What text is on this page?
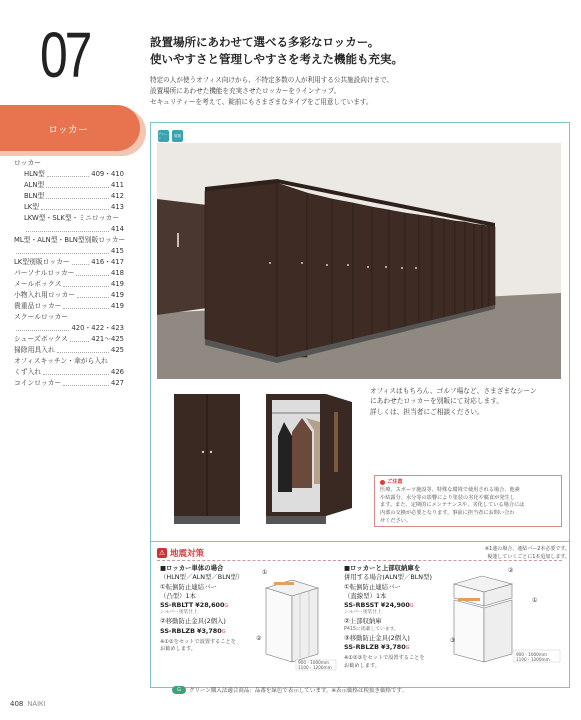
07	設置場所にあわせて選べる多彩なロッカー。
使いやすさと管理しやすさを考えた機能も充実。
特定の人が使うオフィス向けから、不特定多数の人が利用する公共施設向けまで、
設置場所にあわせた機能を充実させたロッカーをラインナップ。
セキュリティーを考えて、錠前にもさまざまなタイプをご用意しています。
ロッカー
ロッカー
HLN型	409・410
ALN型	411
BLN型	412
LK型	413
LKW型・SLK型・ミニロッカー
414
ML型・ALN型・BLN型別販ロッカー
415
LK型別販ロッカー	416・417
パーソナルロッカー	418
メールボックス	419
小物入れ用ロッカー	419
貴重品ロッカー	419
スクールロッカー
420・422・423
シューズボックス	421〜425
掃除用具入れ	425
オフィスキッチン・傘がら入れ
くず入れ	426
コインロッカー	427
グリーン
環境
オフィスはもちろん、ゴルフ場など、さまざまなシーン
にあわせたロッカーを別販にて対応します。
詳しくは、担当者にご相談ください。
ご注意
医療、スポーツ施設等、特殊な環境で使用される場合、他素
や結露分、水分等の影響により塗装の劣化や腐食が発生し
ます。また、定期的にメンテナンスや、劣化している場合には
内部の交換が必要となります。事前に担当者にお問い合わ
せください。
⚠ 地震対策	※1連の場合、連結バー2本必要です。
複連していくごとに1本追加します。
■ロッカー単体の場合
（HLN型／ALN型／BLN型）
①転倒防止連結バー
（凸型）1本
SS-RBLTT ¥28,600G
シルバー塗装仕上
②移動防止金具(2個入)
SS-RBLZB ¥3,780G
※①②をセットで設置することを
お勧めします。
①
②
900・1000mm
1100・1200mm
■ロッカーと上部収納庫を
併用する場合(ALN型／BLN型)
①転倒防止連結バー
（直線型）1本
SS-RBSST ¥24,900G
シルバー塗装仕上
②上部収納庫
P415に掲載しています。
③移動防止金具(2個入)
SS-RBLZB ¥3,780G
※①②③をセットで設置することを
お勧めします。
②
①
③
900・1000mm
1100・1200mm
G	グリーン購入法適合商品：品番を緑色で表示しています。※表示価格は税抜き価格です。
408 NAIKI
